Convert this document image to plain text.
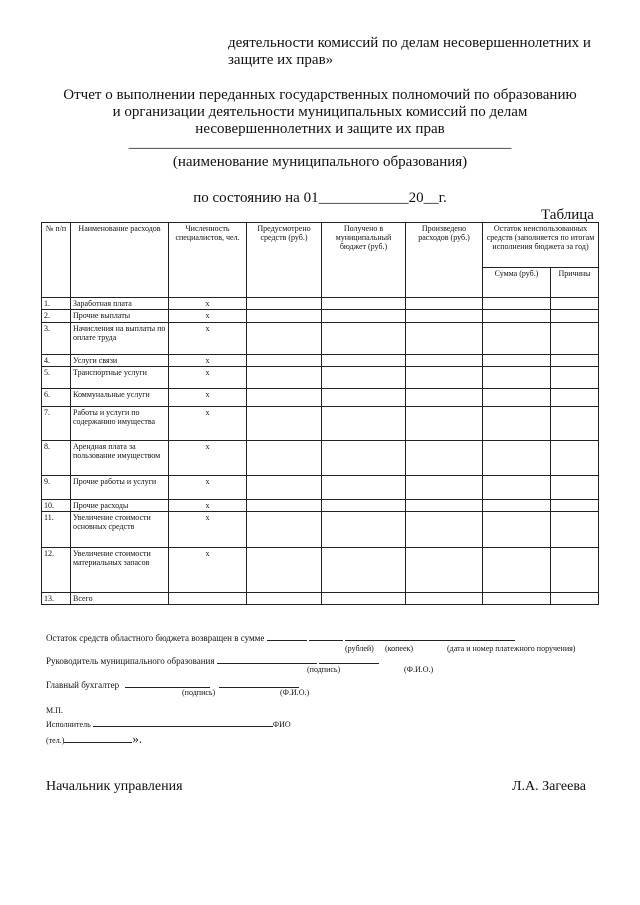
деятельности комиссий по делам несовершеннолетних и
защите их прав»
Отчет о выполнении переданных государственных полномочий по образованию
и организации деятельности муниципальных комиссий по делам
несовершеннолетних и защите их прав
___________________________________________________
(наименование муниципального образования)
по состоянию на 01____________20__г.
Таблица
№ п/п	Наименование расходов	Численность специалистов, чел.	Предусмотрено средств (руб.)	Получено в муниципальный бюджет (руб.)	Произведено расходов (руб.)	Остаток неиспользованных средств (заполняется по итогам исполнения бюджета за год)	
						Сумма (руб.)	Причины
1.	Заработная плата	х					
2.	Прочие выплаты	х					
3.	Начисления на выплаты по оплате труда	х					
4.	Услуги связи	х					
5.	Транспортные услуги	х					
6.	Коммунальные услуги	х					
7.	Работы и услуги по содержанию имущества	х					
8.	Арендная плата за пользование имуществом	х					
9.	Прочие работы и услуги	х					
10.	Прочие расходы	х					
11.	Увеличение стоимости основных средств	х					
12.	Увеличение стоимости материальных запасов	х					
13.	Всего						
Остаток средств областного бюджета возвращен в сумме
(рублей) (копеек)	(дата и номер платежного поручения)
Руководитель муниципального образования
(подпись)	(Ф.И.О.)
Главный бухгалтер
(подпись)	(Ф.И.О.)
М.П.
Исполнитель	ФИО
(тел.)	».
Начальник управления	Л.А. Загеева
